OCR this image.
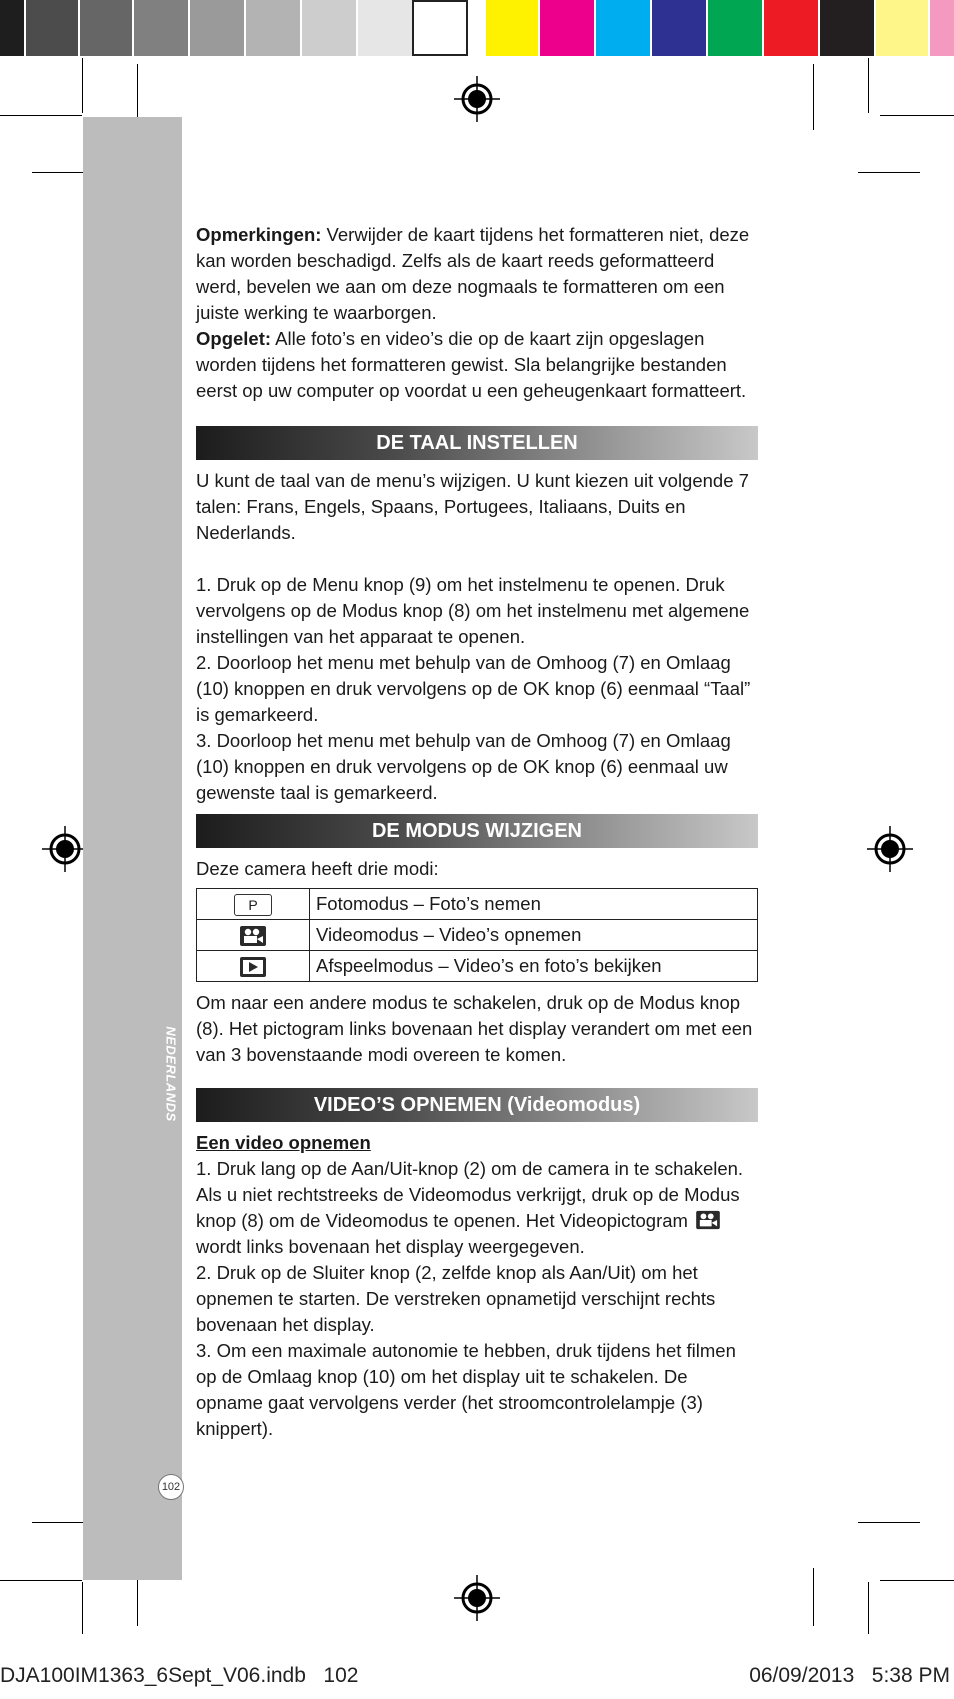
NEDERLANDS
102

Opmerkingen: Verwijder de kaart tijdens het formatteren niet, deze kan worden beschadigd. Zelfs als de kaart reeds geformatteerd werd, bevelen we aan om deze nogmaals te formatteren om een juiste werking te waarborgen.

Opgelet: Alle foto’s en video’s die op de kaart zijn opgeslagen worden tijdens het formatteren gewist. Sla belangrijke bestanden eerst op uw computer op voordat u een geheugenkaart formatteert.

DE TAAL INSTELLEN

U kunt de taal van de menu’s wijzigen. U kunt kiezen uit volgende 7 talen: Frans, Engels, Spaans, Portugees, Italiaans, Duits en Nederlands.

1. Druk op de Menu knop (9) om het instelmenu te openen. Druk vervolgens op de Modus knop (8) om het instelmenu met algemene instellingen van het apparaat te openen.

2. Doorloop het menu met behulp van de Omhoog (7) en Omlaag (10) knoppen en druk vervolgens op de OK knop (6) eenmaal “Taal” is gemarkeerd.

3. Doorloop het menu met behulp van de Omhoog (7) en Omlaag (10) knoppen en druk vervolgens op de OK knop (6) eenmaal uw gewenste taal is gemarkeerd.

DE MODUS WIJZIGEN

Deze camera heeft drie modi:

P	Fotomodus – Foto’s nemen
	Videomodus – Video’s opnemen
	Afspeelmodus – Video’s en foto’s bekijken

Om naar een andere modus te schakelen, druk op de Modus knop (8). Het pictogram links bovenaan het display verandert om met een van 3 bovenstaande modi overeen te komen.

VIDEO’S OPNEMEN (Videomodus)

Een video opnemen

1. Druk lang op de Aan/Uit-knop (2) om de camera in te schakelen. Als u niet rechtstreeks de Videomodus verkrijgt, druk op de Modus knop (8) om de Videomodus te openen. Het Videopictogramwordt links bovenaan het display weergegeven.

2. Druk op de Sluiter knop (2, zelfde knop als Aan/Uit) om het opnemen te starten. De verstreken opnametijd verschijnt rechts bovenaan het display.

3. Om een maximale autonomie te hebben, druk tijdens het filmen op de Omlaag knop (10) om het display uit te schakelen. De opname gaat vervolgens verder (het stroomcontrolelampje (3) knippert).

DJA100IM1363_6Sept_V06.indb   102	06/09/2013   5:38 PM
